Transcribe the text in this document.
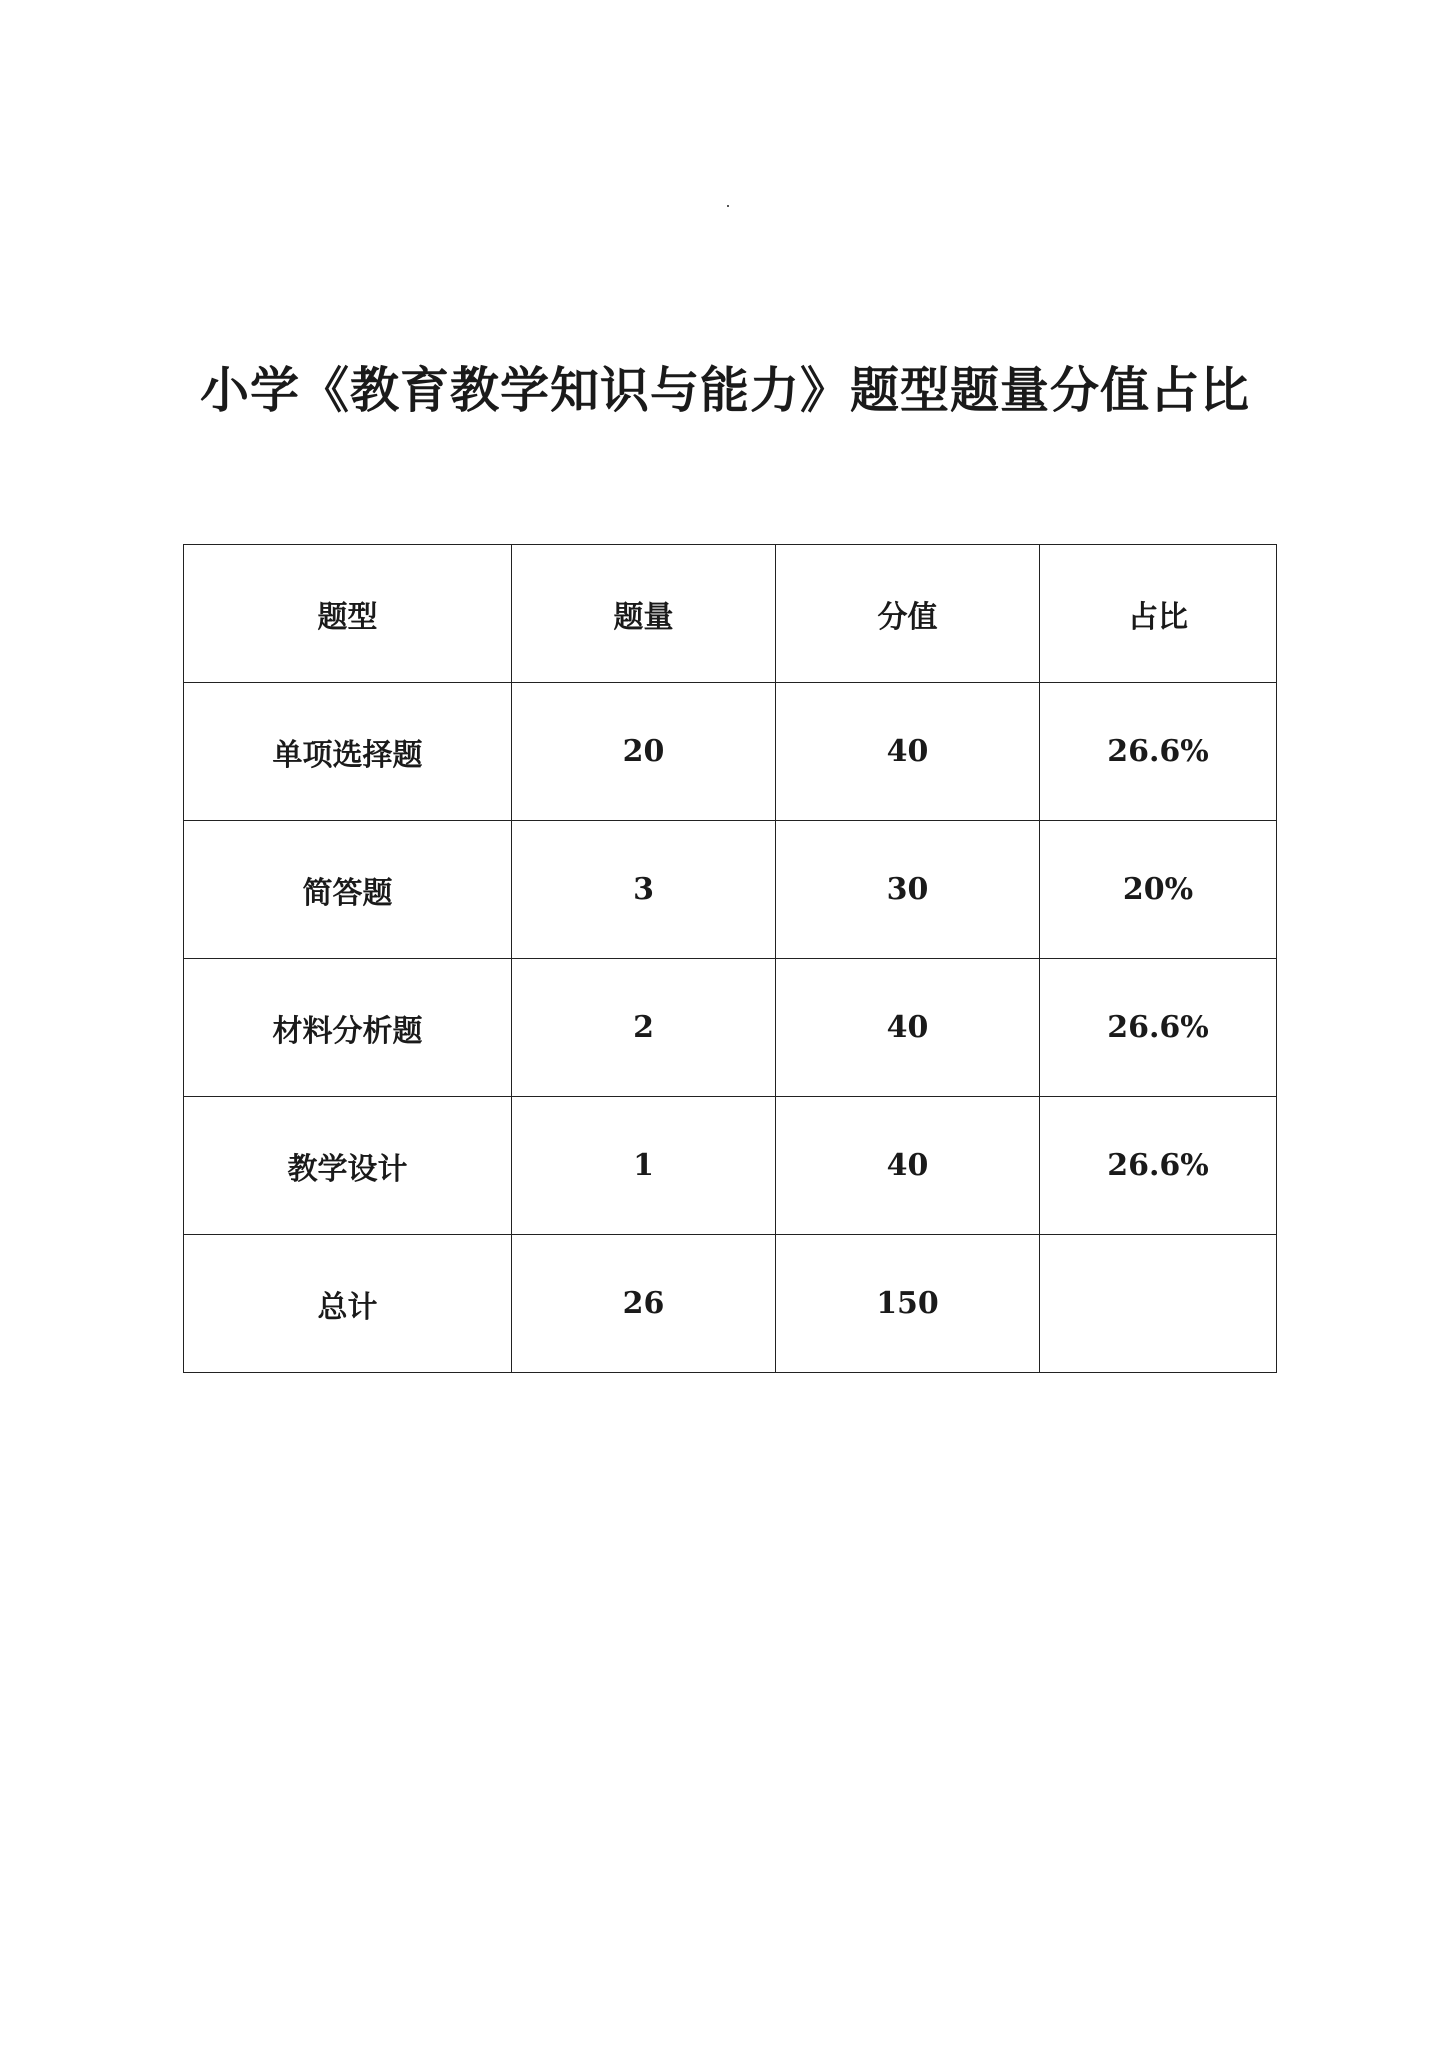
小学《教育教学知识与能力》题型题量分值占比
题型	题量	分值	占比
单项选择题	20	40	26.6%
简答题	3	30	20%
材料分析题	2	40	26.6%
教学设计	1	40	26.6%
总计	26	150	
